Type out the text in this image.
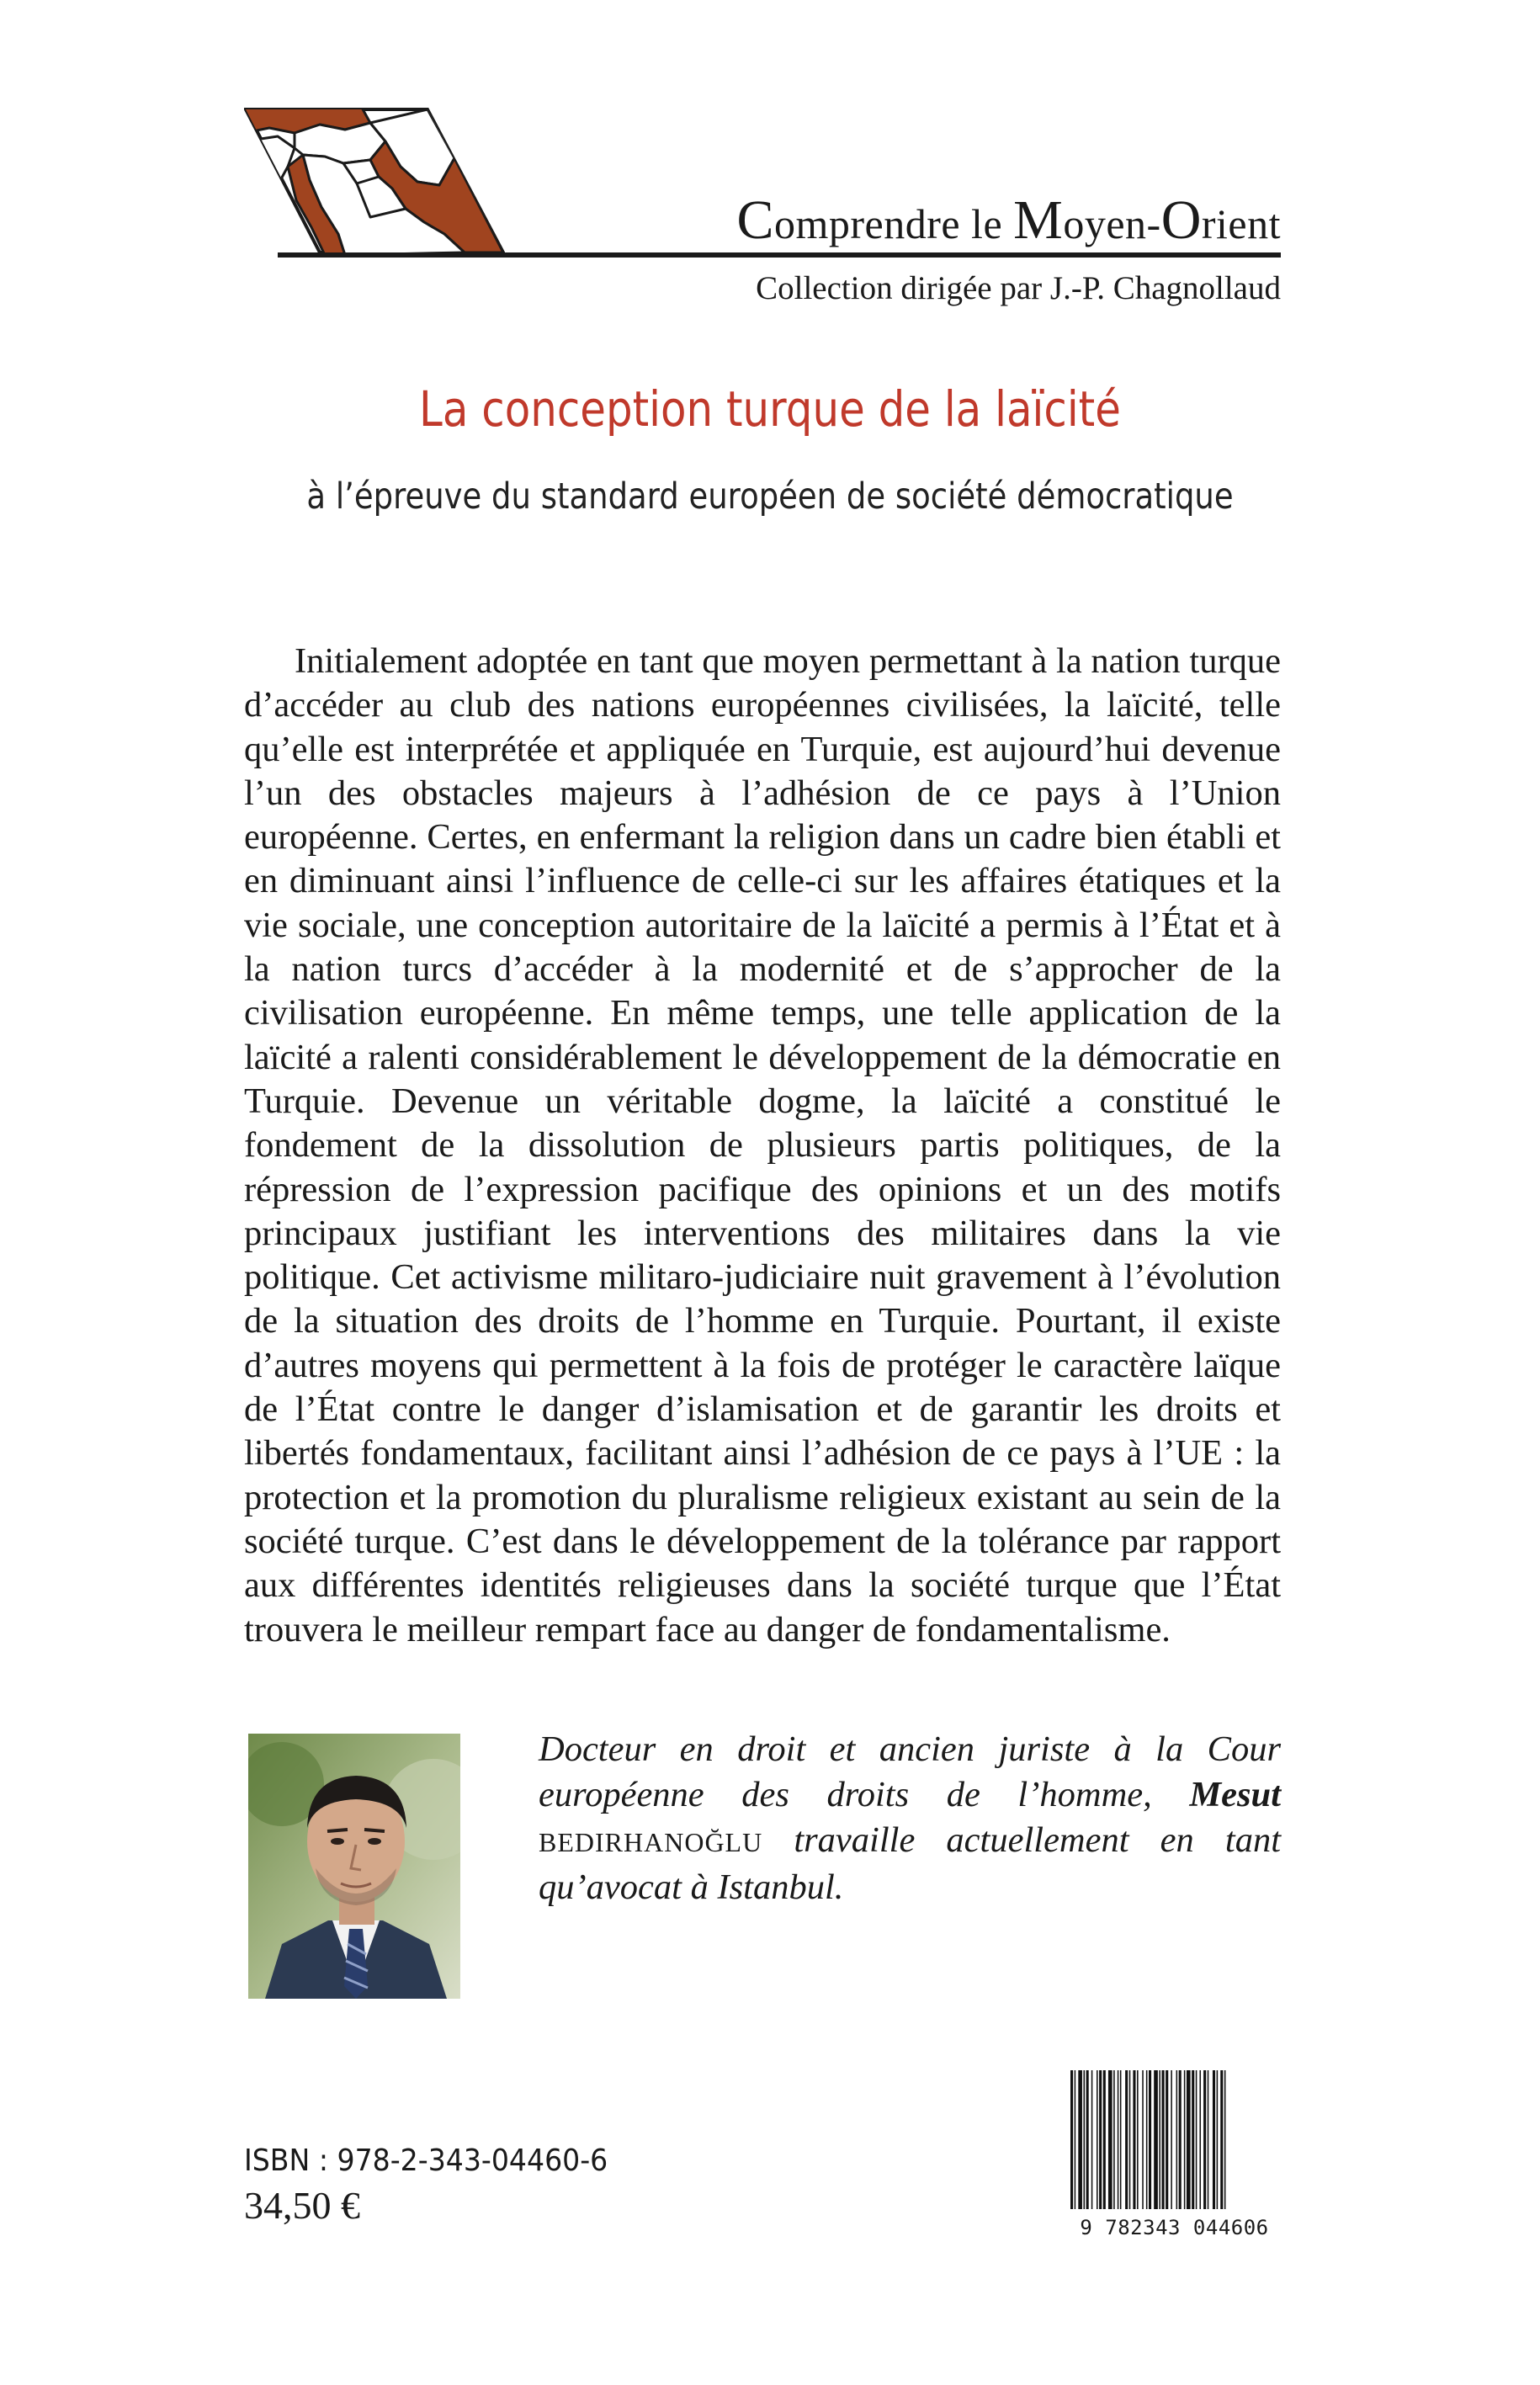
Comprendre le Moyen-Orient
Collection dirigée par J.-P. Chagnollaud
La conception turque de la laïcité
à l’épreuve du standard européen de société démocratique

Initialement adoptée en tant que moyen permettant à la nation turque d’accéder au club des nations européennes civilisées, la laïcité, telle qu’elle est interprétée et appliquée en Turquie, est aujourd’hui devenue l’un des obstacles majeurs à l’adhésion de ce pays à l’Union européenne. Certes, en enfermant la religion dans un cadre bien établi et en diminuant ainsi l’influence de celle-ci sur les affaires étatiques et la vie sociale, une conception autoritaire de la laïcité a permis à l’État et à la nation turcs d’accéder à la modernité et de s’approcher de la civilisation européenne. En même temps, une telle application de la laïcité a ralenti considérablement le développement de la démocratie en Turquie. Devenue un véritable dogme, la laïcité a constitué le fondement de la dissolution de plusieurs partis politiques, de la répression de l’expression pacifique des opinions et un des motifs principaux justifiant les interventions des militaires dans la vie politique. Cet activisme militaro-judiciaire nuit gravement à l’évolution de la situation des droits de l’homme en Turquie. Pourtant, il existe d’autres moyens qui permettent à la fois de protéger le caractère laïque de l’État contre le danger d’islamisation et de garantir les droits et libertés fondamentaux, facilitant ainsi l’adhésion de ce pays à l’UE : la protection et la promotion du pluralisme religieux existant au sein de la société turque. C’est dans le développement de la tolérance par rapport aux différentes identités religieuses dans la société turque que l’État trouvera le meilleur rempart face au danger de fondamentalisme.

Docteur en droit et ancien juriste à la Cour européenne des droits de l’homme, Mesut BEDIRHANOĞLU travaille actuellement en tant qu’avocat à Istanbul.

ISBN : 978-2-343-04460-6
34,50 €
9 782343 044606
